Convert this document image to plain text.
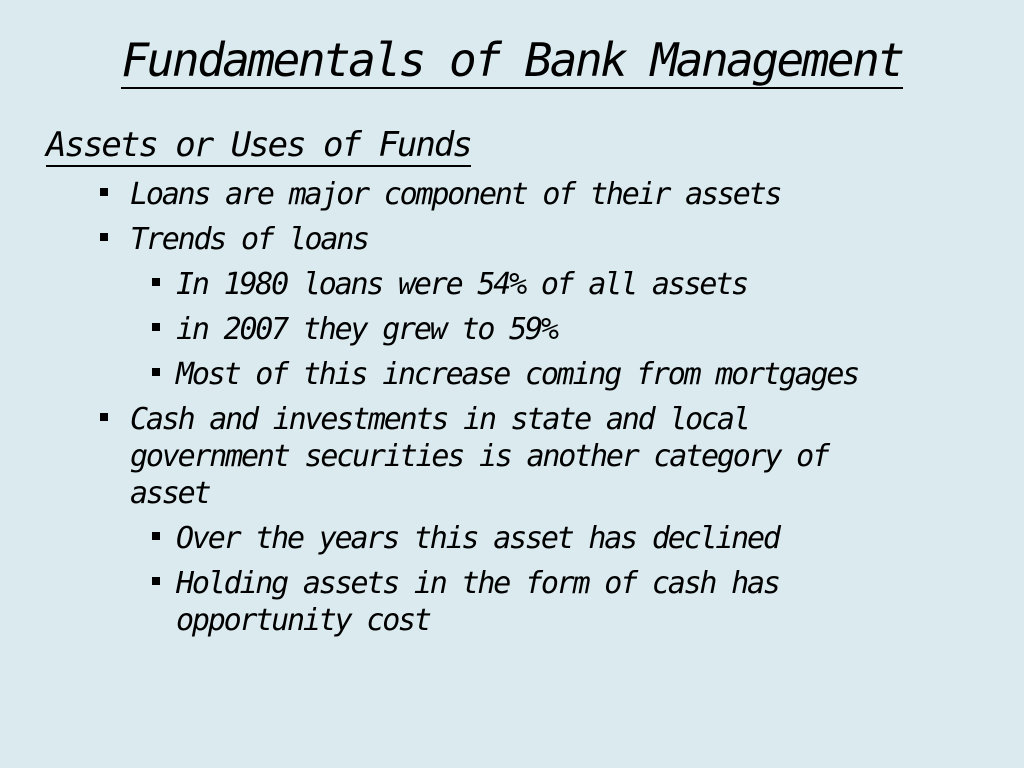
Fundamentals of Bank Management
Assets or Uses of Funds
Loans are major component of their assets
Trends of loans
In 1980 loans were 54% of all assets
in 2007 they grew to 59%
Most of this increase coming from mortgages
Cash and investments in state and local
government securities is another category of
asset
Over the years this asset has declined
Holding assets in the form of cash has
opportunity cost
